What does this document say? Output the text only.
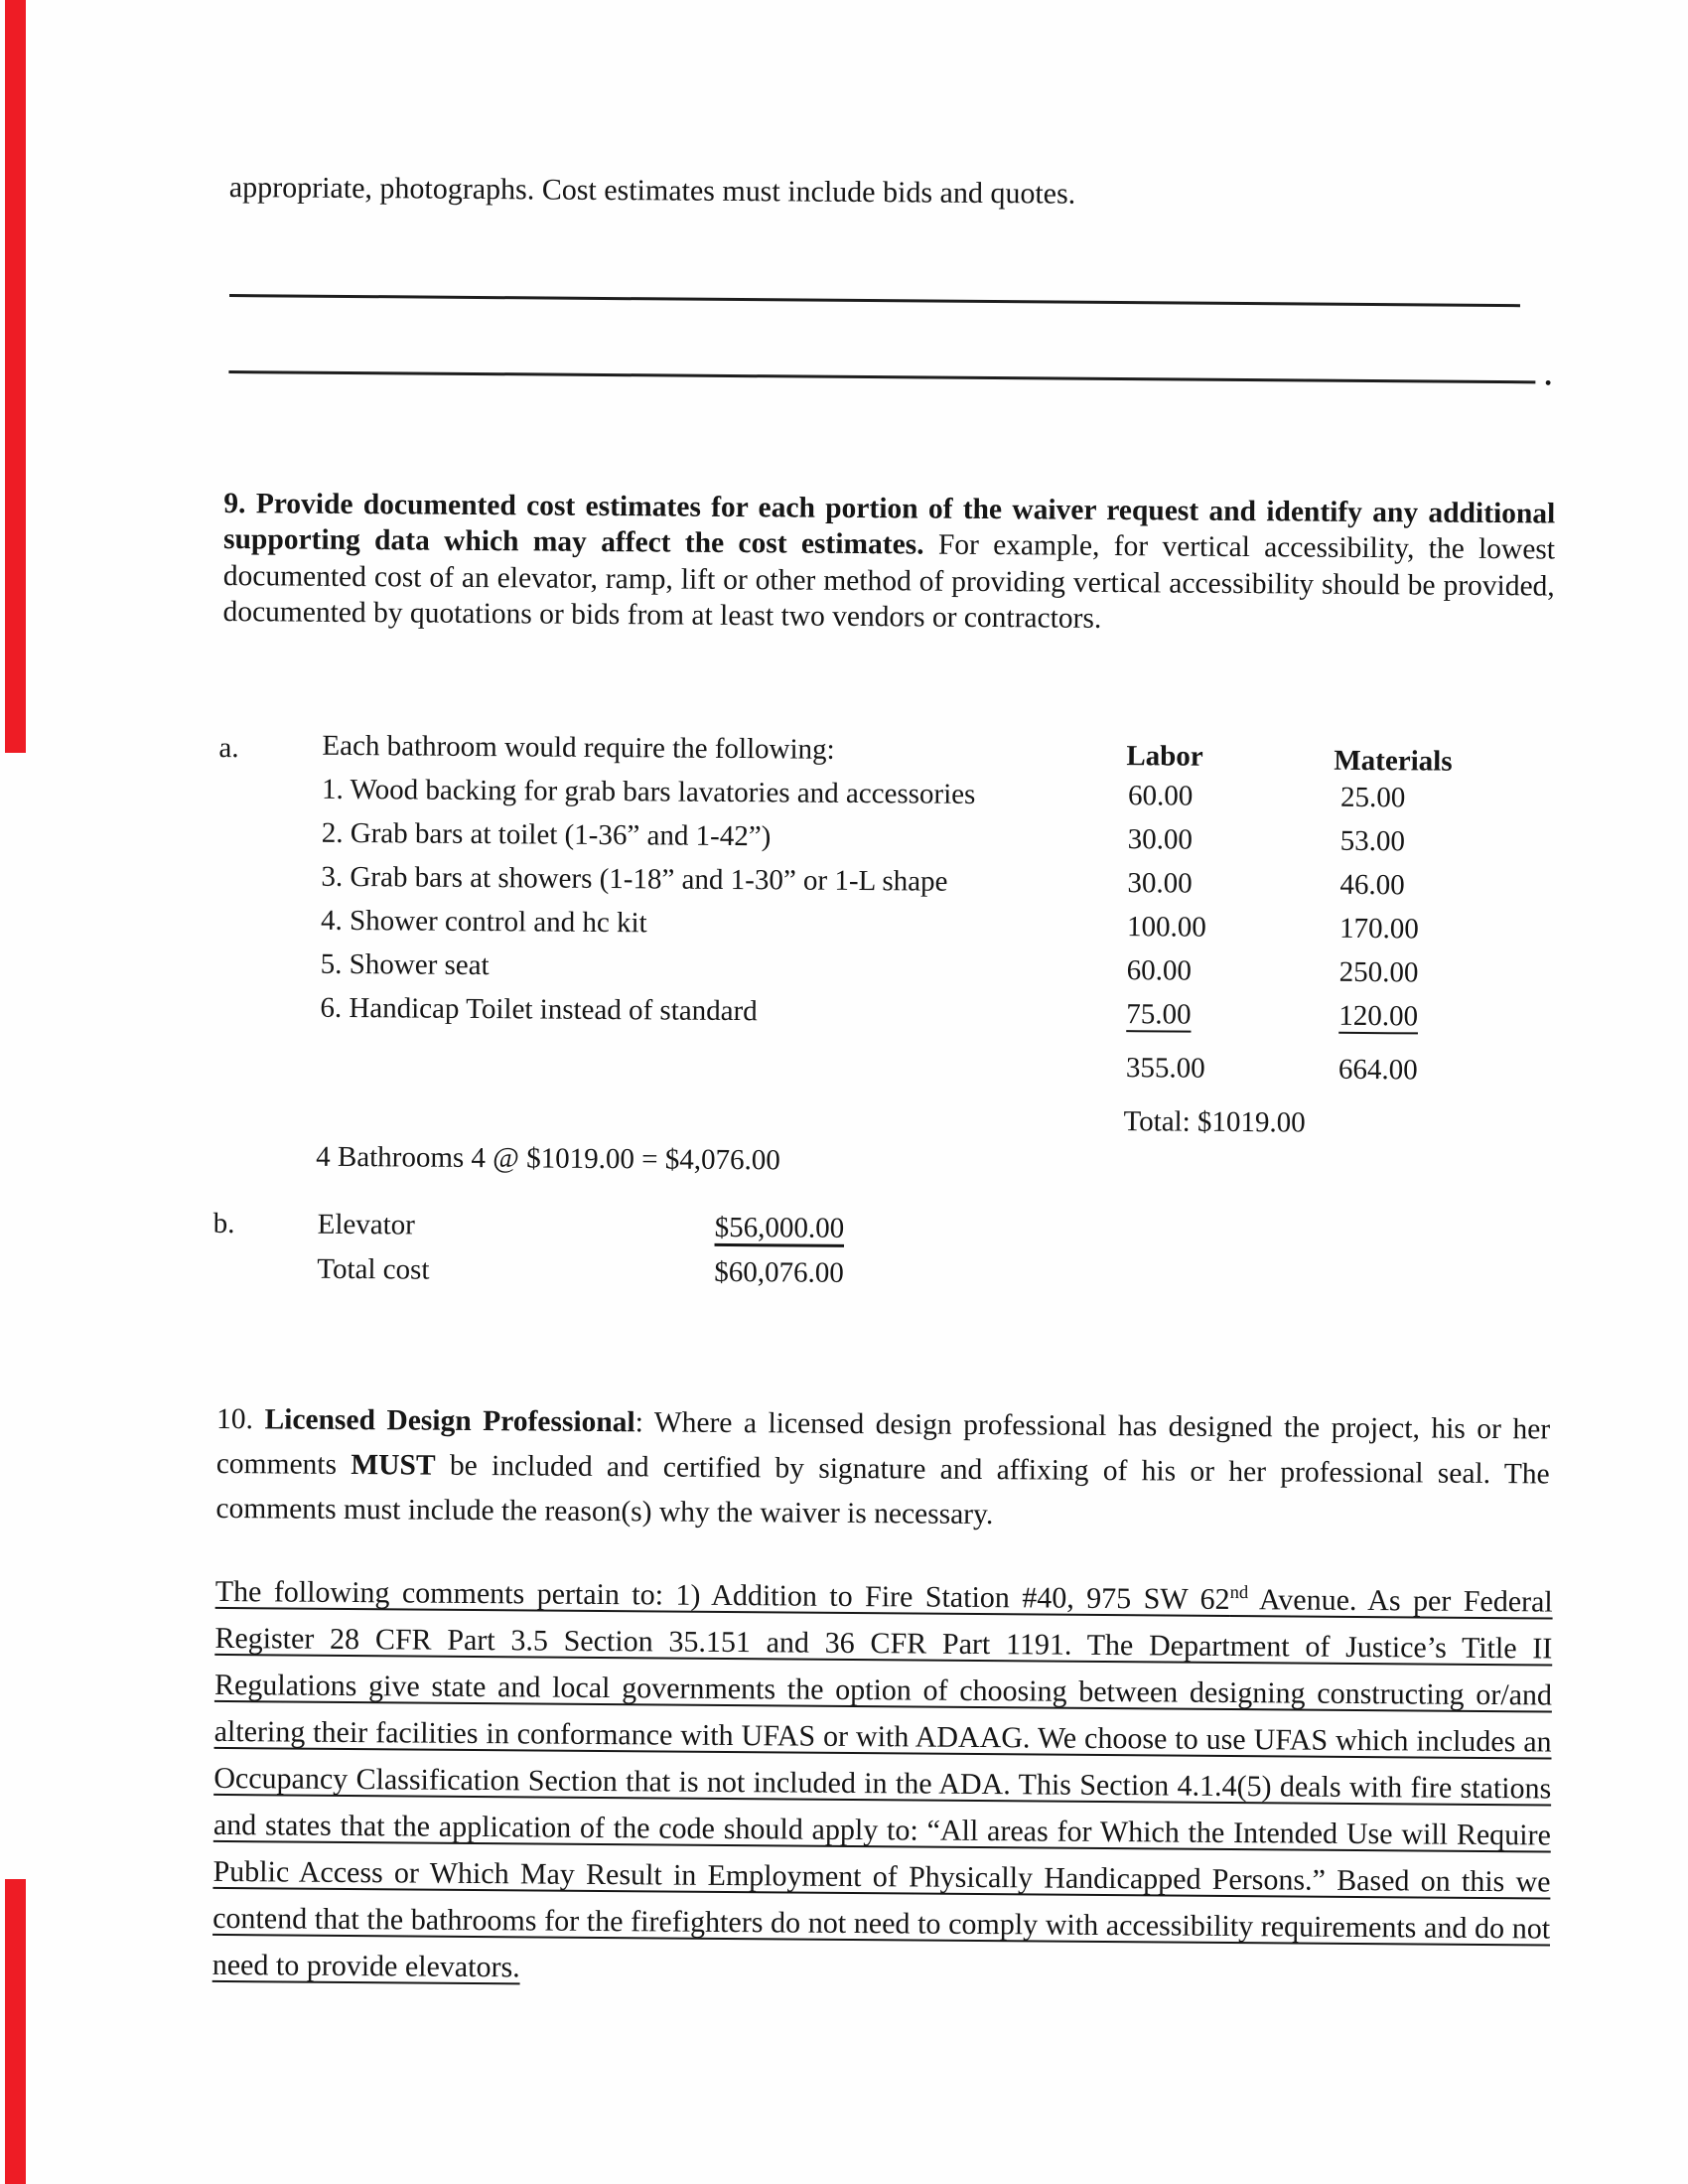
appropriate, photographs. Cost estimates must include bids and quotes.
.

9. Provide documented cost estimates for each portion of the waiver request and identify any additional supporting data which may affect the cost estimates. For example, for vertical accessibility, the lowest documented cost of an elevator, ramp, lift or other method of providing vertical accessibility should be provided, documented by quotations or bids from at least two vendors or contractors.

a.	Each bathroom would require the following:	Labor	Materials
1. Wood backing for grab bars lavatories and accessories	60.00	25.00
2. Grab bars at toilet (1-36” and 1-42”)	30.00	53.00
3. Grab bars at showers (1-18” and 1-30” or 1-L shape	30.00	46.00
4. Shower control and hc kit	100.00	170.00
5. Shower seat	60.00	250.00
6. Handicap Toilet instead of standard	75.00	120.00
355.00	664.00
Total: $1019.00
4 Bathrooms 4 @ $1019.00 = $4,076.00
b.	Elevator	$56,000.00
Total cost	$60,076.00

10. Licensed Design Professional: Where a licensed design professional has designed the project, his or her comments MUST be included and certified by signature and affixing of his or her professional seal. The comments must include the reason(s) why the waiver is necessary.

The following comments pertain to: 1) Addition to Fire Station #40, 975 SW 62nd Avenue. As per Federal Register 28 CFR Part 3.5 Section 35.151 and 36 CFR Part 1191. The Department of Justice’s Title II Regulations give state and local governments the option of choosing between designing constructing or/and altering their facilities in conformance with UFAS or with ADAAG. We choose to use UFAS which includes an Occupancy Classification Section that is not included in the ADA. This Section 4.1.4(5) deals with fire stations and states that the application of the code should apply to: “All areas for Which the Intended Use will Require Public Access or Which May Result in Employment of Physically Handicapped Persons.” Based on this we contend that the bathrooms for the firefighters do not need to comply with accessibility requirements and do not need to provide elevators.
